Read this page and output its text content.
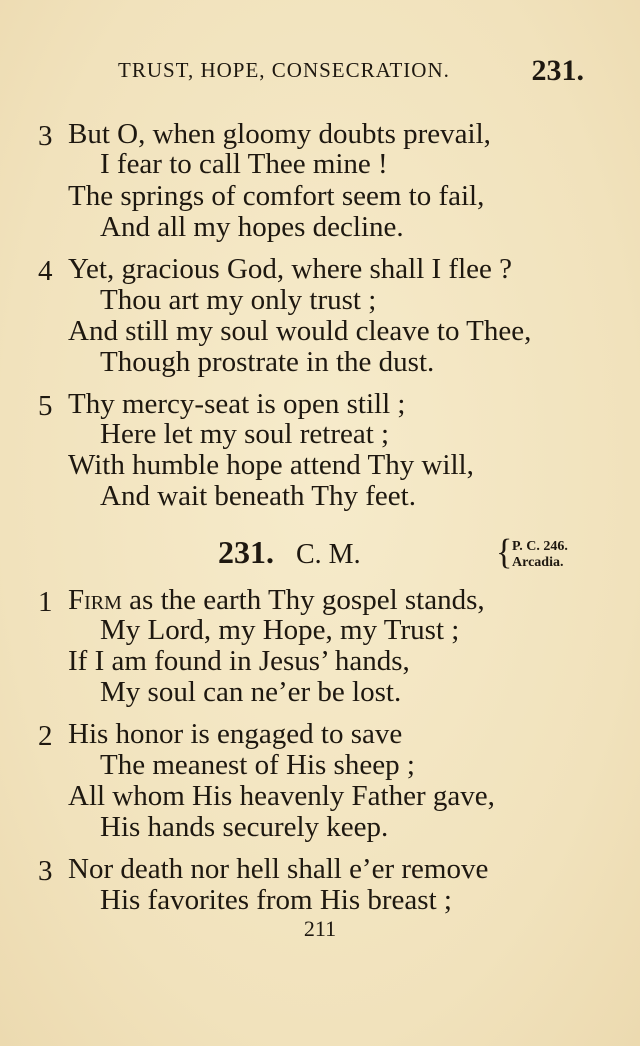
TRUST, HOPE, CONSECRATION.	231.
3 But O, when gloomy doubts prevail,
I fear to call Thee mine !
The springs of comfort seem to fail,
And all my hopes decline.
4 Yet, gracious God, where shall I flee ?
Thou art my only trust ;
And still my soul would cleave to Thee,
Though prostrate in the dust.
5 Thy mercy-seat is open still ;
Here let my soul retreat ;
With humble hope attend Thy will,
And wait beneath Thy feet.
231. C. M.	{ P. C. 246.
Arcadia.
1 Firm as the earth Thy gospel stands,
My Lord, my Hope, my Trust ;
If I am found in Jesus’ hands,
My soul can ne’er be lost.
2 His honor is engaged to save
The meanest of His sheep ;
All whom His heavenly Father gave,
His hands securely keep.
3 Nor death nor hell shall e’er remove
His favorites from His breast ;
211
